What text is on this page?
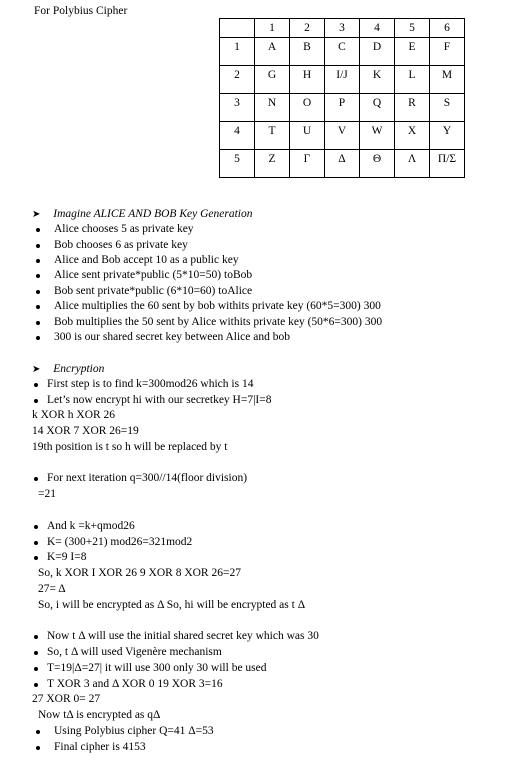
For Polybius Cipher

	1	2	3	4	5	6

1	A	B	C	D	E	F

2	G	H	I/J	K	L	M

3	N	O	P	Q	R	S

4	T	U	V	W	X	Y

5	Z	Γ	Δ	Θ	Λ	Π/Σ
➤ Imagine ALICE AND BOB Key Generation
Alice chooses 5 as private key
Bob chooses 6 as private key
Alice and Bob accept 10 as a public key
Alice sent private*public (5*10=50) toBob
Bob sent private*public (6*10=60) toAlice
Alice multiplies the 60 sent by bob withits private key (60*5=300) 300
Bob multiplies the 50 sent by Alice withits private key (50*6=300) 300
300 is our shared secret key between Alice and bob
➤ Encryption
First step is to find k=300mod26 which is 14
Let’s now encrypt hi with our secretkey H=7|I=8
k XOR h XOR 26
14 XOR 7 XOR 26=19
19th position is t so h will be replaced by t
For next iteration q=300//14(floor division)
=21
And k =k+qmod26
K= (300+21) mod26=321mod2
K=9 I=8
So, k XOR I XOR 26 9 XOR 8 XOR 26=27
27= Δ
So, i will be encrypted as Δ So, hi will be encrypted as t Δ
Now t Δ will use the initial shared secret key which was 30
So, t Δ will used Vigenère mechanism
T=19|Δ=27| it will use 300 only 30 will be used
T XOR 3 and Δ XOR 0 19 XOR 3=16
27 XOR 0= 27
Now tΔ is encrypted as qΔ
Using Polybius cipher Q=41 Δ=53
Final cipher is 4153
